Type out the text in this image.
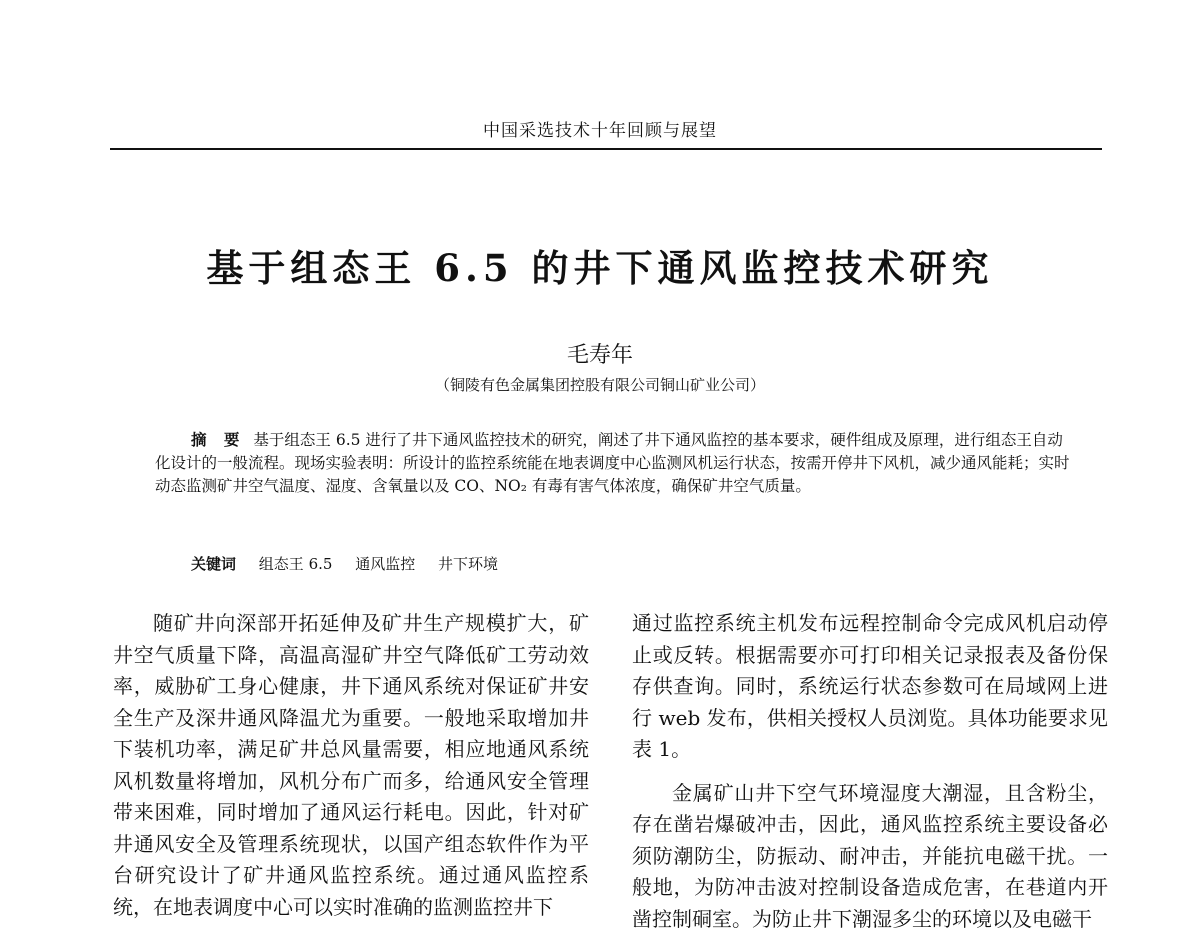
中国采选技术十年回顾与展望
基于组态王 6.5 的井下通风监控技术研究
毛寿年
（铜陵有色金属集团控股有限公司铜山矿业公司）
摘 要 基于组态王 6.5 进行了井下通风监控技术的研究，阐述了井下通风监控的基本要求，硬件组成及原理，进行组态王自动化设计的一般流程。现场实验表明：所设计的监控系统能在地表调度中心监测风机运行状态，按需开停井下风机，减少通风能耗；实时动态监测矿井空气温度、湿度、含氧量以及 CO、NO₂ 有毒有害气体浓度，确保矿井空气质量。
关键词 组态王 6.5 通风监控 井下环境

随矿井向深部开拓延伸及矿井生产规模扩大，矿井空气质量下降，高温高湿矿井空气降低矿工劳动效率，威胁矿工身心健康，井下通风系统对保证矿井安全生产及深井通风降温尤为重要。一般地采取增加井下装机功率，满足矿井总风量需要，相应地通风系统风机数量将增加，风机分布广而多，给通风安全管理带来困难，同时增加了通风运行耗电。因此，针对矿井通风安全及管理系统现状，以国产组态软件作为平台研究设计了矿井通风监控系统。通过通风监控系统，在地表调度中心可以实时准确的监测监控井下

通过监控系统主机发布远程控制命令完成风机启动停止或反转。根据需要亦可打印相关记录报表及备份保存供查询。同时，系统运行状态参数可在局域网上进行 web 发布，供相关授权人员浏览。具体功能要求见表 1。

金属矿山井下空气环境湿度大潮湿，且含粉尘，存在凿岩爆破冲击，因此，通风监控系统主要设备必须防潮防尘，防振动、耐冲击，并能抗电磁干扰。一般地，为防冲击波对控制设备造成危害，在巷道内开凿控制硐室。为防止井下潮湿多尘的环境以及电磁干
